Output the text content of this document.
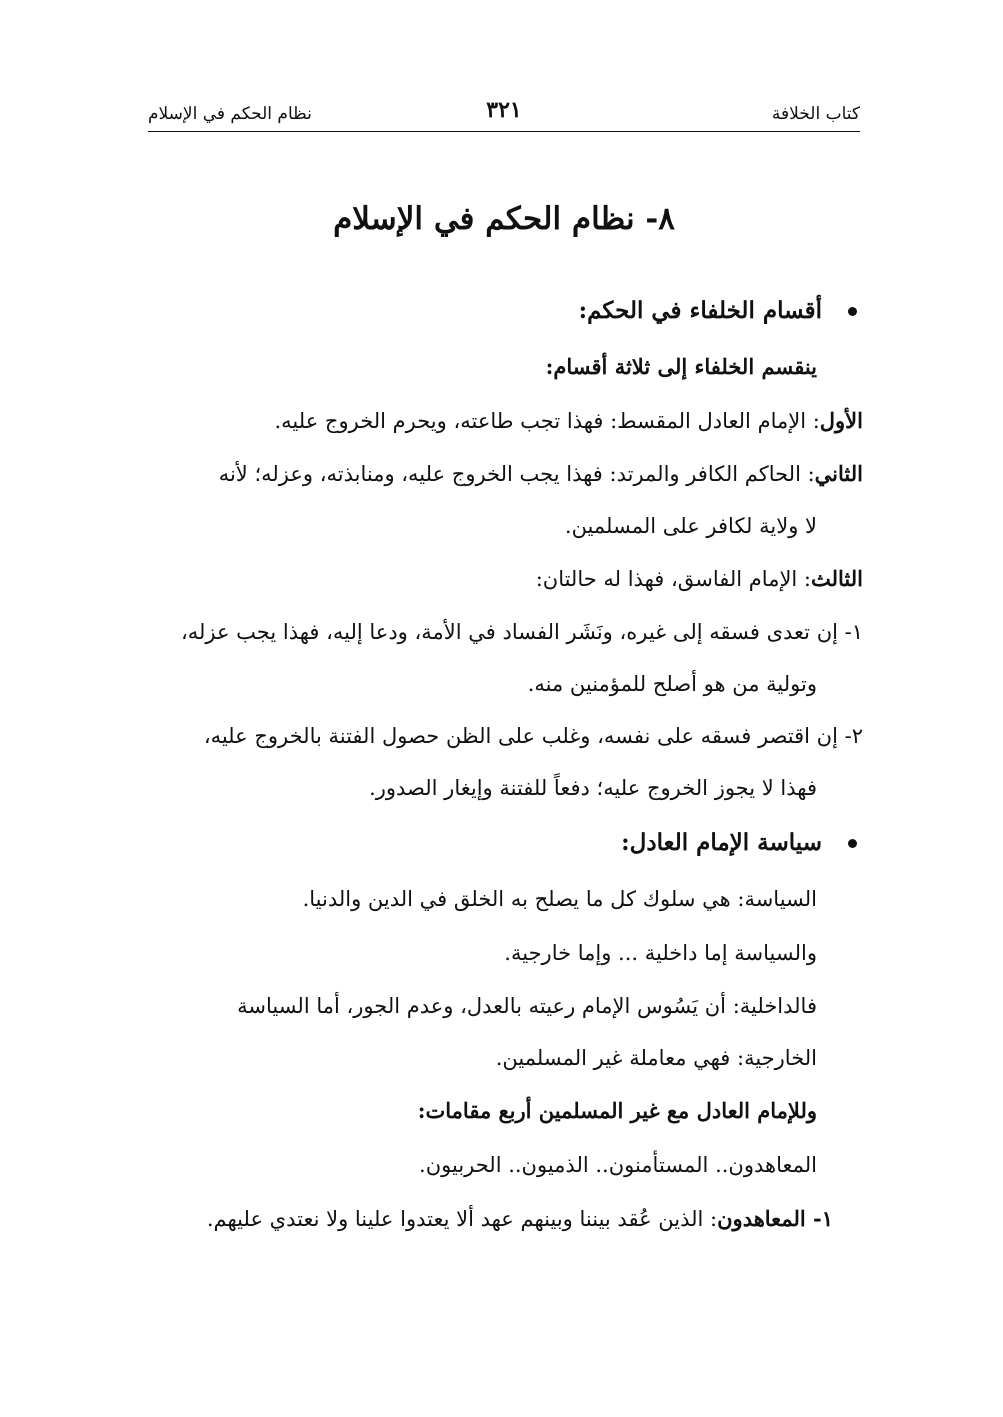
كتاب الخلافة
٣٢١
نظام الحكم في الإسلام
٨- نظام الحكم في الإسلام
أقسام الخلفاء في الحكم:

ينقسم الخلفاء إلى ثلاثة أقسام:

الأول: الإمام العادل المقسط: فهذا تجب طاعته، ويحرم الخروج عليه.

الثاني: الحاكم الكافر والمرتد: فهذا يجب الخروج عليه، ومنابذته، وعزله؛ لأنه

لا ولاية لكافر على المسلمين.

الثالث: الإمام الفاسق، فهذا له حالتان:

١- إن تعدى فسقه إلى غيره، ونَشَر الفساد في الأمة، ودعا إليه، فهذا يجب عزله،

وتولية من هو أصلح للمؤمنين منه.

٢- إن اقتصر فسقه على نفسه، وغلب على الظن حصول الفتنة بالخروج عليه،

فهذا لا يجوز الخروج عليه؛ دفعاً للفتنة وإيغار الصدور.

سياسة الإمام العادل:

السياسة: هي سلوك كل ما يصلح به الخلق في الدين والدنيا.

والسياسة إما داخلية ... وإما خارجية.

فالداخلية: أن يَسُوس الإمام رعيته بالعدل، وعدم الجور، أما السياسة

الخارجية: فهي معاملة غير المسلمين.

وللإمام العادل مع غير المسلمين أربع مقامات:

المعاهدون.. المستأمنون.. الذميون.. الحربيون.

١- المعاهدون: الذين عُقد بيننا وبينهم عهد ألا يعتدوا علينا ولا نعتدي عليهم.
